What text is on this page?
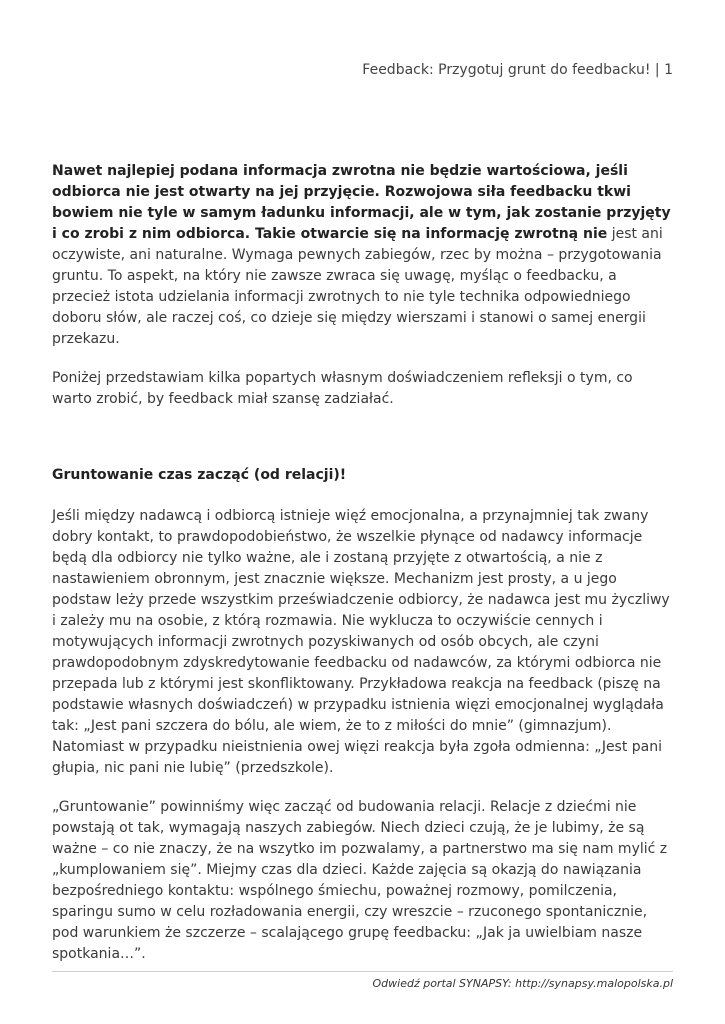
Feedback: Przygotuj grunt do feedbacku! | 1

Nawet najlepiej podana informacja zwrotna nie będzie wartościowa, jeśli odbiorca nie jest otwarty na jej przyjęcie. Rozwojowa siła feedbacku tkwi bowiem nie tyle w samym ładunku informacji, ale w tym, jak zostanie przyjęty i co zrobi z nim odbiorca. Takie otwarcie się na informację zwrotną nie jest ani oczywiste, ani naturalne. Wymaga pewnych zabiegów, rzec by można – przygotowania gruntu. To aspekt, na który nie zawsze zwraca się uwagę, myśląc o feedbacku, a przecież istota udzielania informacji zwrotnych to nie tyle technika odpowiedniego doboru słów, ale raczej coś, co dzieje się między wierszami i stanowi o samej energii przekazu.

Poniżej przedstawiam kilka popartych własnym doświadczeniem refleksji o tym, co warto zrobić, by feedback miał szansę zadziałać.

Gruntowanie czas zacząć (od relacji)!

Jeśli między nadawcą i odbiorcą istnieje więź emocjonalna, a przynajmniej tak zwany dobry kontakt, to prawdopodobieństwo, że wszelkie płynące od nadawcy informacje będą dla odbiorcy nie tylko ważne, ale i zostaną przyjęte z otwartością, a nie z nastawieniem obronnym, jest znacznie większe. Mechanizm jest prosty, a u jego podstaw leży przede wszystkim przeświadczenie odbiorcy, że nadawca jest mu życzliwy i zależy mu na osobie, z którą rozmawia. Nie wyklucza to oczywiście cennych i motywujących informacji zwrotnych pozyskiwanych od osób obcych, ale czyni prawdopodobnym zdyskredytowanie feedbacku od nadawców, za którymi odbiorca nie przepada lub z którymi jest skonfliktowany. Przykładowa reakcja na feedback (piszę na podstawie własnych doświadczeń) w przypadku istnienia więzi emocjonalnej wyglądała tak: „Jest pani szczera do bólu, ale wiem, że to z miłości do mnie” (gimnazjum). Natomiast w przypadku nieistnienia owej więzi reakcja była zgoła odmienna: „Jest pani głupia, nic pani nie lubię” (przedszkole).

„Gruntowanie” powinniśmy więc zacząć od budowania relacji. Relacje z dziećmi nie powstają ot tak, wymagają naszych zabiegów. Niech dzieci czują, że je lubimy, że są ważne – co nie znaczy, że na wszytko im pozwalamy, a partnerstwo ma się nam mylić z „kumplowaniem się”. Miejmy czas dla dzieci. Każde zajęcia są okazją do nawiązania bezpośredniego kontaktu: wspólnego śmiechu, poważnej rozmowy, pomilczenia, sparingu sumo w celu rozładowania energii, czy wreszcie – rzuconego spontanicznie, pod warunkiem że szczerze – scalającego grupę feedbacku: „Jak ja uwielbiam nasze spotkania…”.

Odwiedź portal SYNAPSY: http://synapsy.malopolska.pl
